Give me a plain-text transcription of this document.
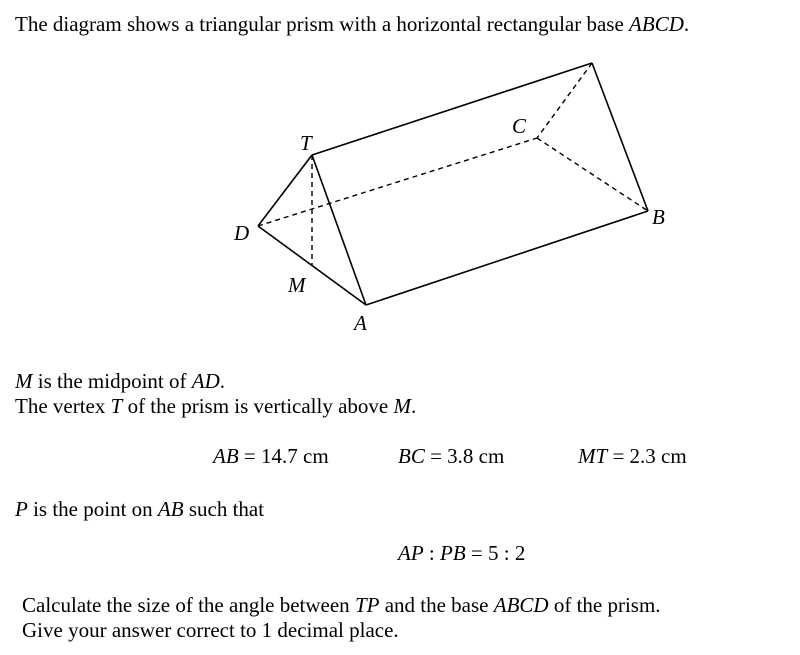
The diagram shows a triangular prism with a horizontal rectangular base ABCD.
T
C
B
D
M
A
M is the midpoint of AD.
The vertex T of the prism is vertically above M.
AB = 14.7 cm	BC = 3.8 cm	MT = 2.3 cm
P is the point on AB such that
AP : PB = 5 : 2
Calculate the size of the angle between TP and the base ABCD of the prism.
Give your answer correct to 1 decimal place.
